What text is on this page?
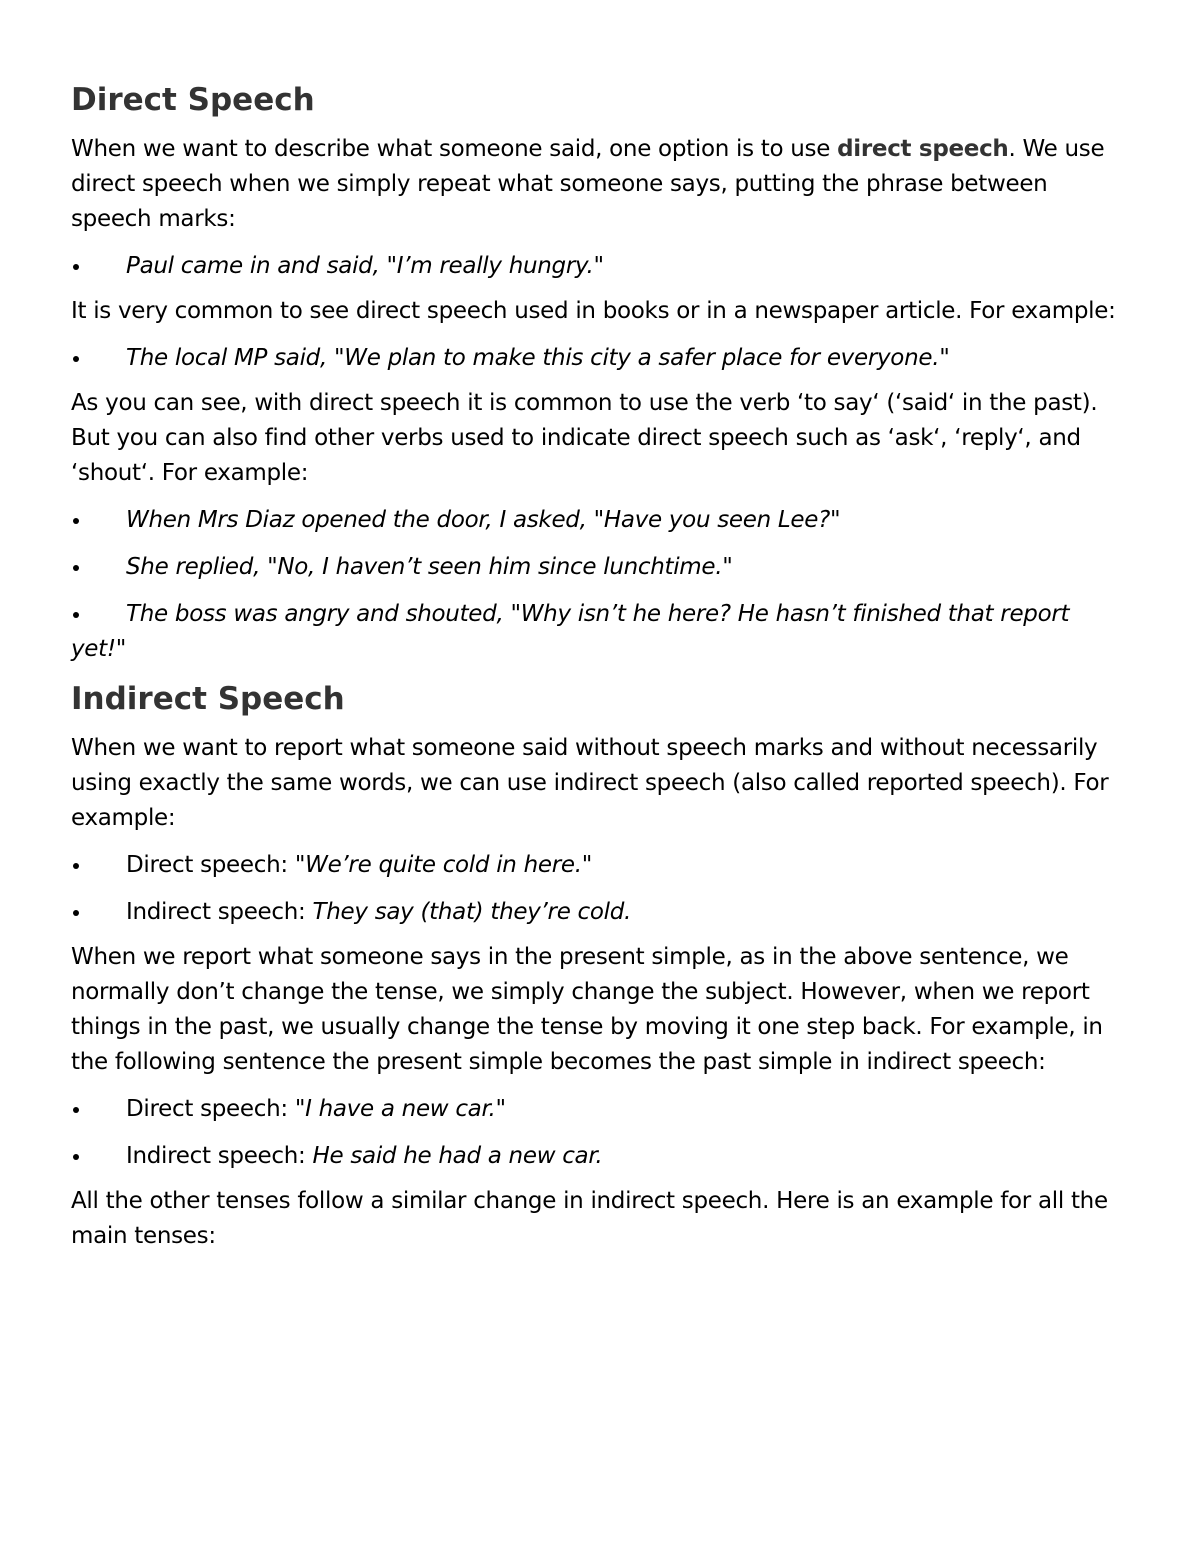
Direct Speech

When we want to describe what someone said, one option is to use direct speech. We use direct speech when we simply repeat what someone says, putting the phrase between speech marks:

Paul came in and said, "I’m really hungry."

It is very common to see direct speech used in books or in a newspaper article. For example:

The local MP said, "We plan to make this city a safer place for everyone."

As you can see, with direct speech it is common to use the verb ‘to say‘ (‘said‘ in the past). But you can also find other verbs used to indicate direct speech such as ‘ask‘, ‘reply‘, and ‘shout‘. For example:

When Mrs Diaz opened the door, I asked, "Have you seen Lee?"
She replied, "No, I haven’t seen him since lunchtime."
The boss was angry and shouted, "Why isn’t he here? He hasn’t finished that report yet!"
Indirect Speech

When we want to report what someone said without speech marks and without necessarily using exactly the same words, we can use indirect speech (also called reported speech). For example:

Direct speech: "We’re quite cold in here."
Indirect speech: They say (that) they’re cold.

When we report what someone says in the present simple, as in the above sentence, we normally don’t change the tense, we simply change the subject. However, when we report things in the past, we usually change the tense by moving it one step back. For example, in the following sentence the present simple becomes the past simple in indirect speech:

Direct speech: "I have a new car."
Indirect speech: He said he had a new car.

All the other tenses follow a similar change in indirect speech. Here is an example for all the main tenses:
